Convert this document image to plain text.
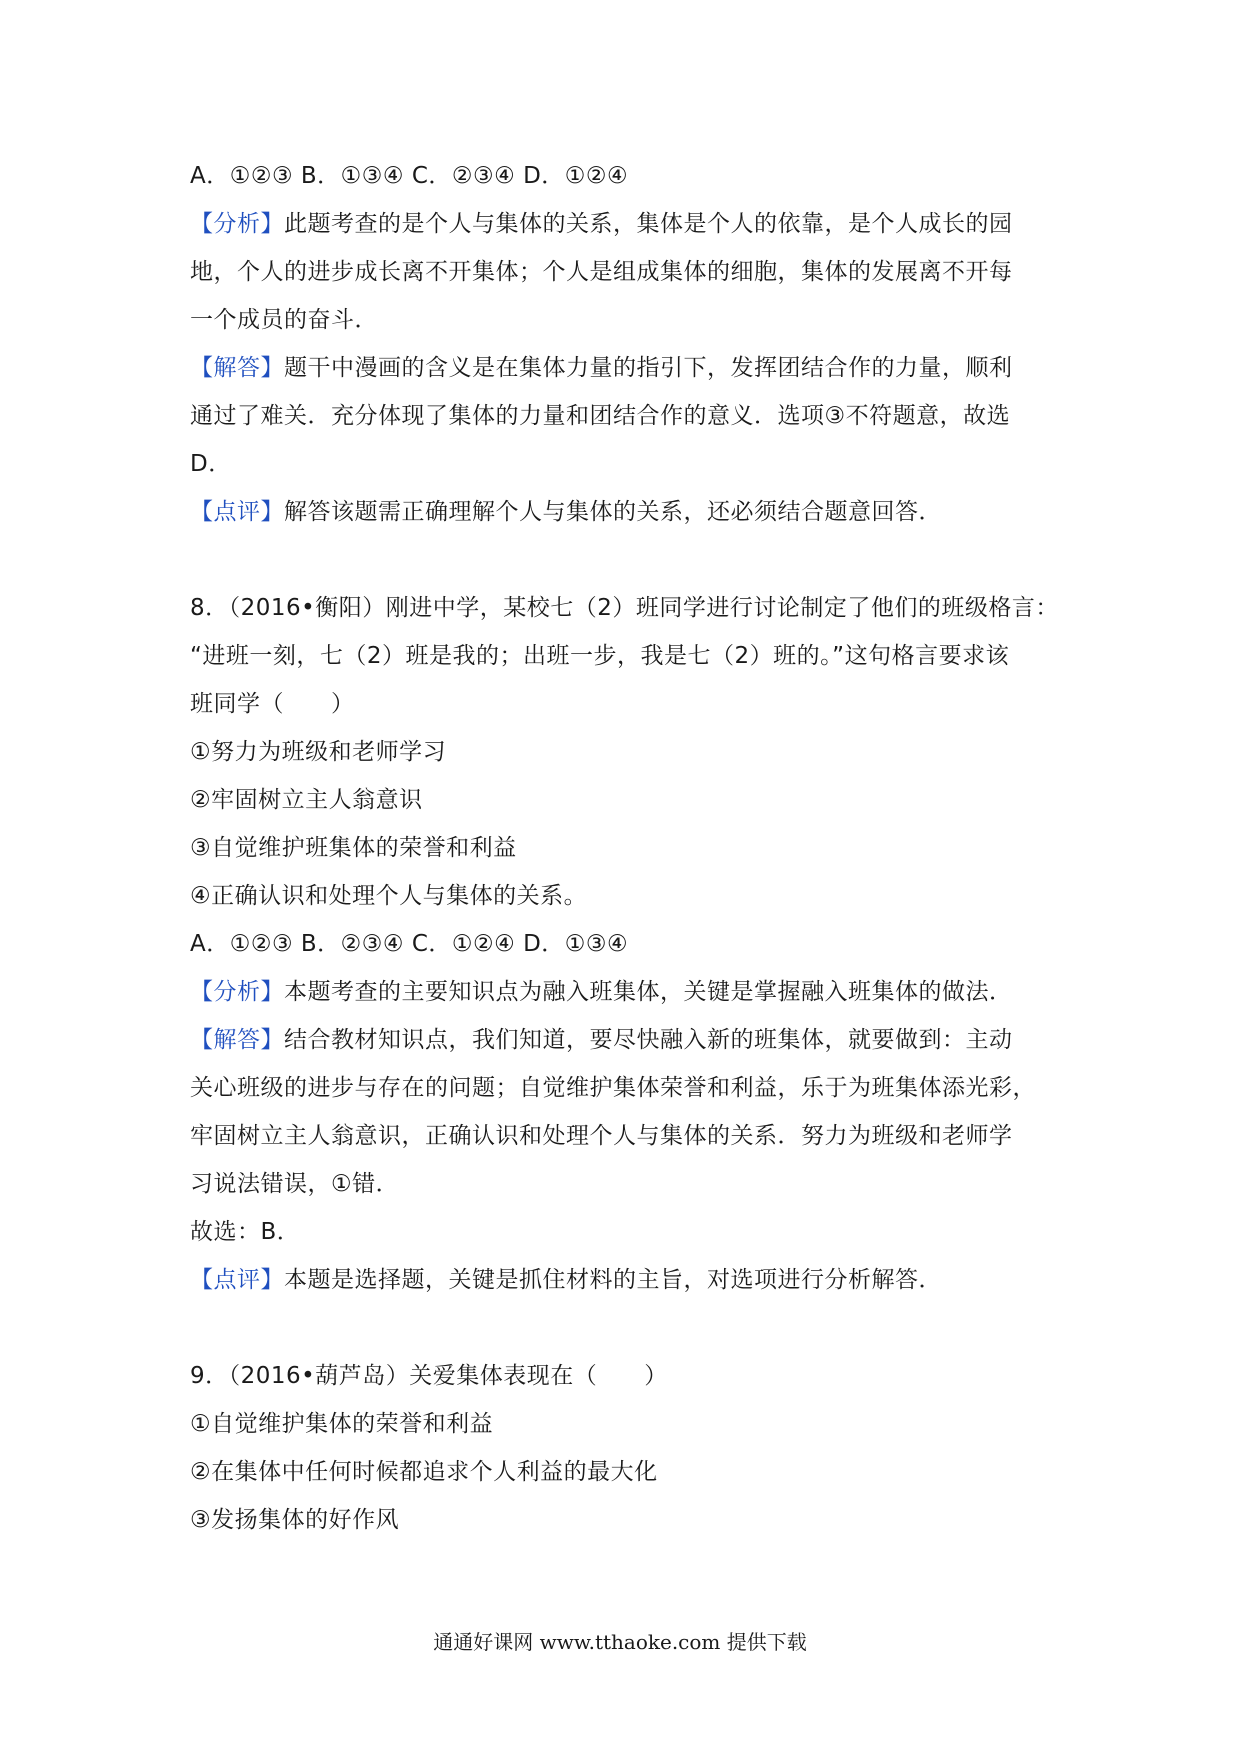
A．①②③ B．①③④ C．②③④ D．①②④
【分析】此题考查的是个人与集体的关系，集体是个人的依靠，是个人成长的园
地，个人的进步成长离不开集体；个人是组成集体的细胞，集体的发展离不开每
一个成员的奋斗．
【解答】题干中漫画的含义是在集体力量的指引下，发挥团结合作的力量，顺利
通过了难关．充分体现了集体的力量和团结合作的意义．选项③不符题意，故选
D．
【点评】解答该题需正确理解个人与集体的关系，还必须结合题意回答．
8．（2016•衡阳）刚进中学，某校七（2）班同学进行讨论制定了他们的班级格言：
“进班一刻，七（2）班是我的；出班一步，我是七（2）班的。”这句格言要求该
班同学（　　）
①努力为班级和老师学习
②牢固树立主人翁意识
③自觉维护班集体的荣誉和利益
④正确认识和处理个人与集体的关系。
A．①②③ B．②③④ C．①②④ D．①③④
【分析】本题考查的主要知识点为融入班集体，关键是掌握融入班集体的做法．
【解答】结合教材知识点，我们知道，要尽快融入新的班集体，就要做到：主动
关心班级的进步与存在的问题；自觉维护集体荣誉和利益，乐于为班集体添光彩，
牢固树立主人翁意识，正确认识和处理个人与集体的关系．努力为班级和老师学
习说法错误，①错．
故选：B．
【点评】本题是选择题，关键是抓住材料的主旨，对选项进行分析解答．
9．（2016•葫芦岛）关爱集体表现在（　　）
①自觉维护集体的荣誉和利益
②在集体中任何时候都追求个人利益的最大化
③发扬集体的好作风
通通好课网 www.tthaoke.com 提供下载
